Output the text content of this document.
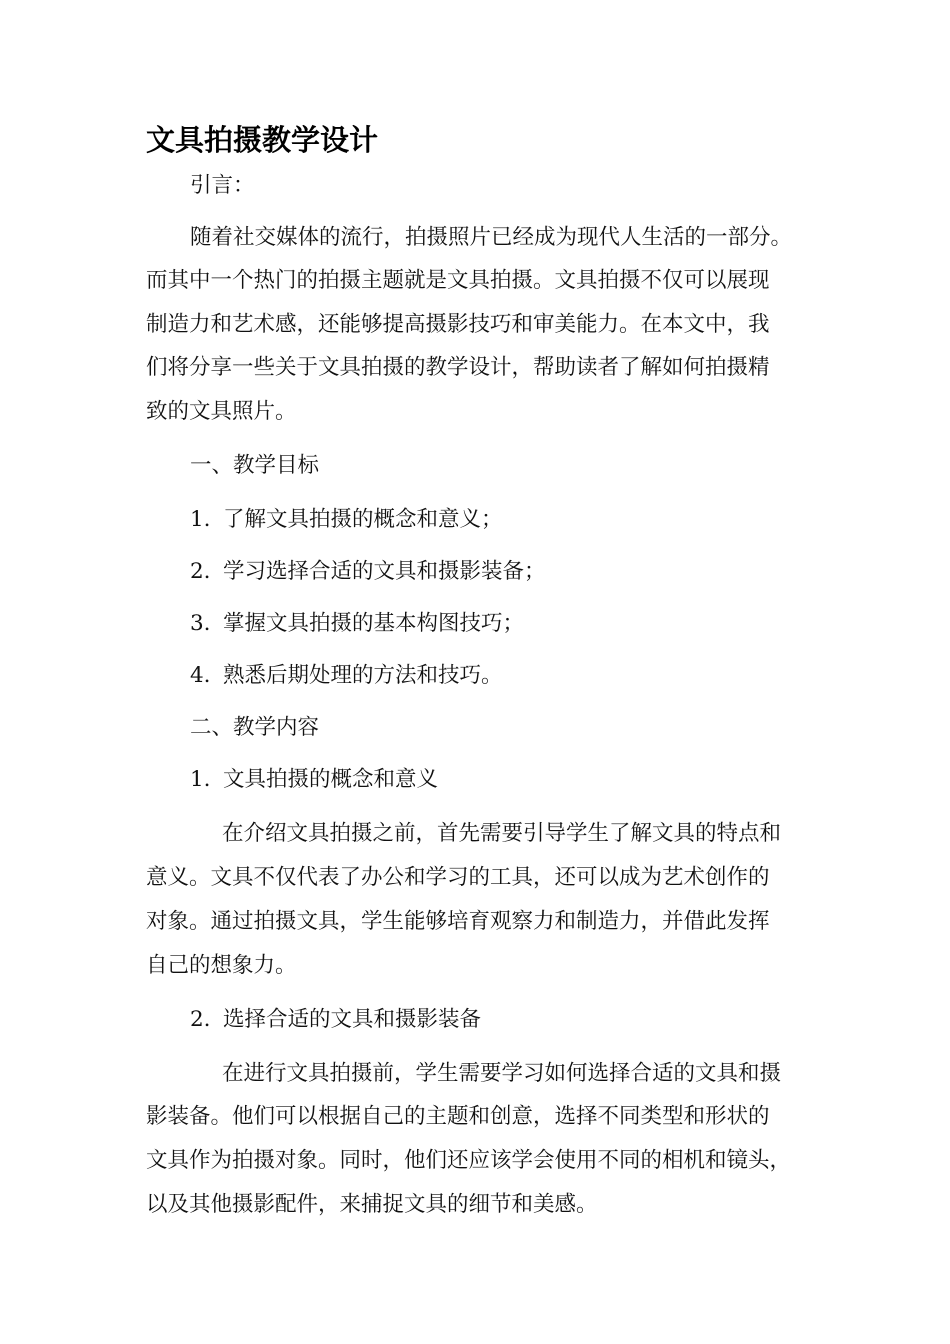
文具拍摄教学设计

引言：

随着社交媒体的流行，拍摄照片已经成为现代人生活的一部分。

而其中一个热门的拍摄主题就是文具拍摄。文具拍摄不仅可以展现

制造力和艺术感，还能够提高摄影技巧和审美能力。在本文中，我

们将分享一些关于文具拍摄的教学设计，帮助读者了解如何拍摄精

致的文具照片。

一、教学目标

1. 了解文具拍摄的概念和意义；

2. 学习选择合适的文具和摄影装备；

3. 掌握文具拍摄的基本构图技巧；

4. 熟悉后期处理的方法和技巧。

二、教学内容

1. 文具拍摄的概念和意义

在介绍文具拍摄之前，首先需要引导学生了解文具的特点和

意义。文具不仅代表了办公和学习的工具，还可以成为艺术创作的

对象。通过拍摄文具，学生能够培育观察力和制造力，并借此发挥

自己的想象力。

2. 选择合适的文具和摄影装备

在进行文具拍摄前，学生需要学习如何选择合适的文具和摄

影装备。他们可以根据自己的主题和创意，选择不同类型和形状的

文具作为拍摄对象。同时，他们还应该学会使用不同的相机和镜头，

以及其他摄影配件，来捕捉文具的细节和美感。
